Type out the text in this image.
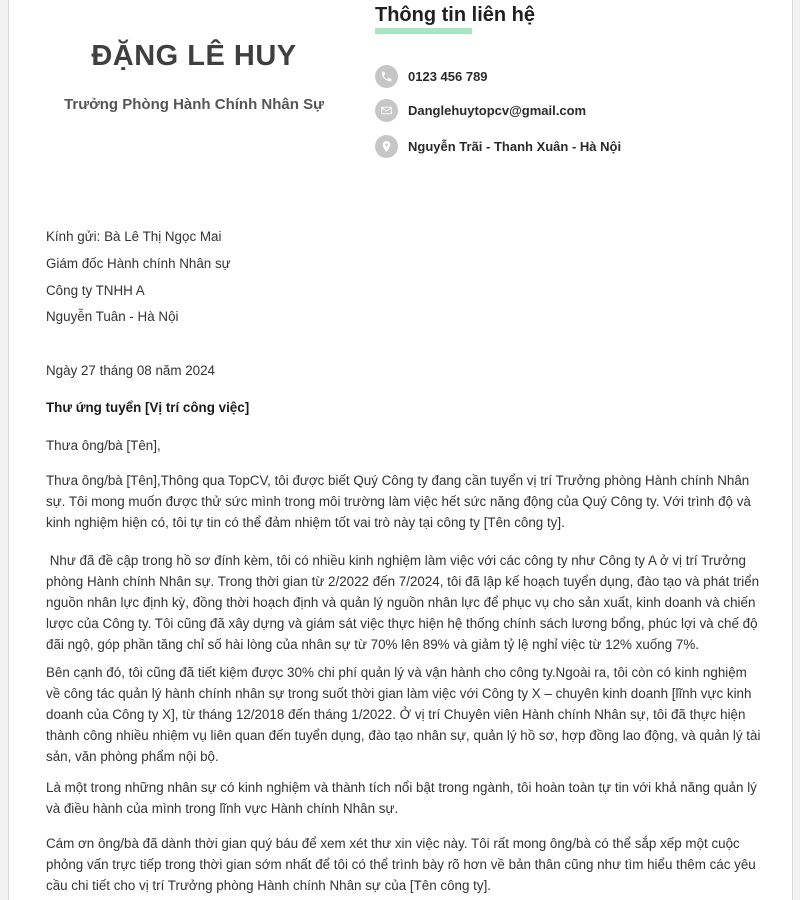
ĐẶNG LÊ HUY
Trưởng Phòng Hành Chính Nhân Sự
Thông tin liên hệ
0123 456 789
Danglehuytopcv@gmail.com
Nguyễn Trãi - Thanh Xuân - Hà Nội
Kính gửi: Bà Lê Thị Ngọc Mai
Giám đốc Hành chính Nhân sự
Công ty TNHH A
Nguyễn Tuân - Hà Nội
Ngày 27 tháng 08 năm 2024
Thư ứng tuyển [Vị trí công việc]
Thưa ông/bà [Tên],

Thưa ông/bà [Tên],Thông qua TopCV, tôi được biết Quý Công ty đang cần tuyển vị trí Trưởng phòng Hành chính Nhân sự. Tôi mong muốn được thử sức mình trong môi trường làm việc hết sức năng động của Quý Công ty. Với trình độ và kinh nghiệm hiện có, tôi tự tin có thể đảm nhiệm tốt vai trò này tại công ty [Tên công ty].

Như đã đề cập trong hồ sơ đính kèm, tôi có nhiều kinh nghiệm làm việc với các công ty như Công ty A ở vị trí Trưởng phòng Hành chính Nhân sự. Trong thời gian từ 2/2022 đến 7/2024, tôi đã lập kế hoạch tuyển dụng, đào tạo và phát triển nguồn nhân lực định kỳ, đồng thời hoạch định và quản lý nguồn nhân lực để phục vụ cho sản xuất, kinh doanh và chiến lược của Công ty. Tôi cũng đã xây dựng và giám sát việc thực hiện hệ thống chính sách lương bổng, phúc lợi và chế độ đãi ngộ, góp phần tăng chỉ số hài lòng của nhân sự từ 70% lên 89% và giảm tỷ lệ nghỉ việc từ 12% xuống 7%.

Bên cạnh đó, tôi cũng đã tiết kiệm được 30% chi phí quản lý và vận hành cho công ty.Ngoài ra, tôi còn có kinh nghiệm về công tác quản lý hành chính nhân sự trong suốt thời gian làm việc với Công ty X – chuyên kinh doanh [lĩnh vực kinh doanh của Công ty X], từ tháng 12/2018 đến tháng 1/2022. Ở vị trí Chuyên viên Hành chính Nhân sự, tôi đã thực hiện thành công nhiều nhiệm vụ liên quan đến tuyển dụng, đào tạo nhân sự, quản lý hồ sơ, hợp đồng lao động, và quản lý tài sản, văn phòng phẩm nội bộ.

Là một trong những nhân sự có kinh nghiệm và thành tích nổi bật trong ngành, tôi hoàn toàn tự tin với khả năng quản lý và điều hành của mình trong lĩnh vực Hành chính Nhân sự.

Cám ơn ông/bà đã dành thời gian quý báu để xem xét thư xin việc này. Tôi rất mong ông/bà có thể sắp xếp một cuộc phỏng vấn trực tiếp trong thời gian sớm nhất để tôi có thể trình bày rõ hơn về bản thân cũng như tìm hiểu thêm các yêu cầu chi tiết cho vị trí Trưởng phòng Hành chính Nhân sự của [Tên công ty].
